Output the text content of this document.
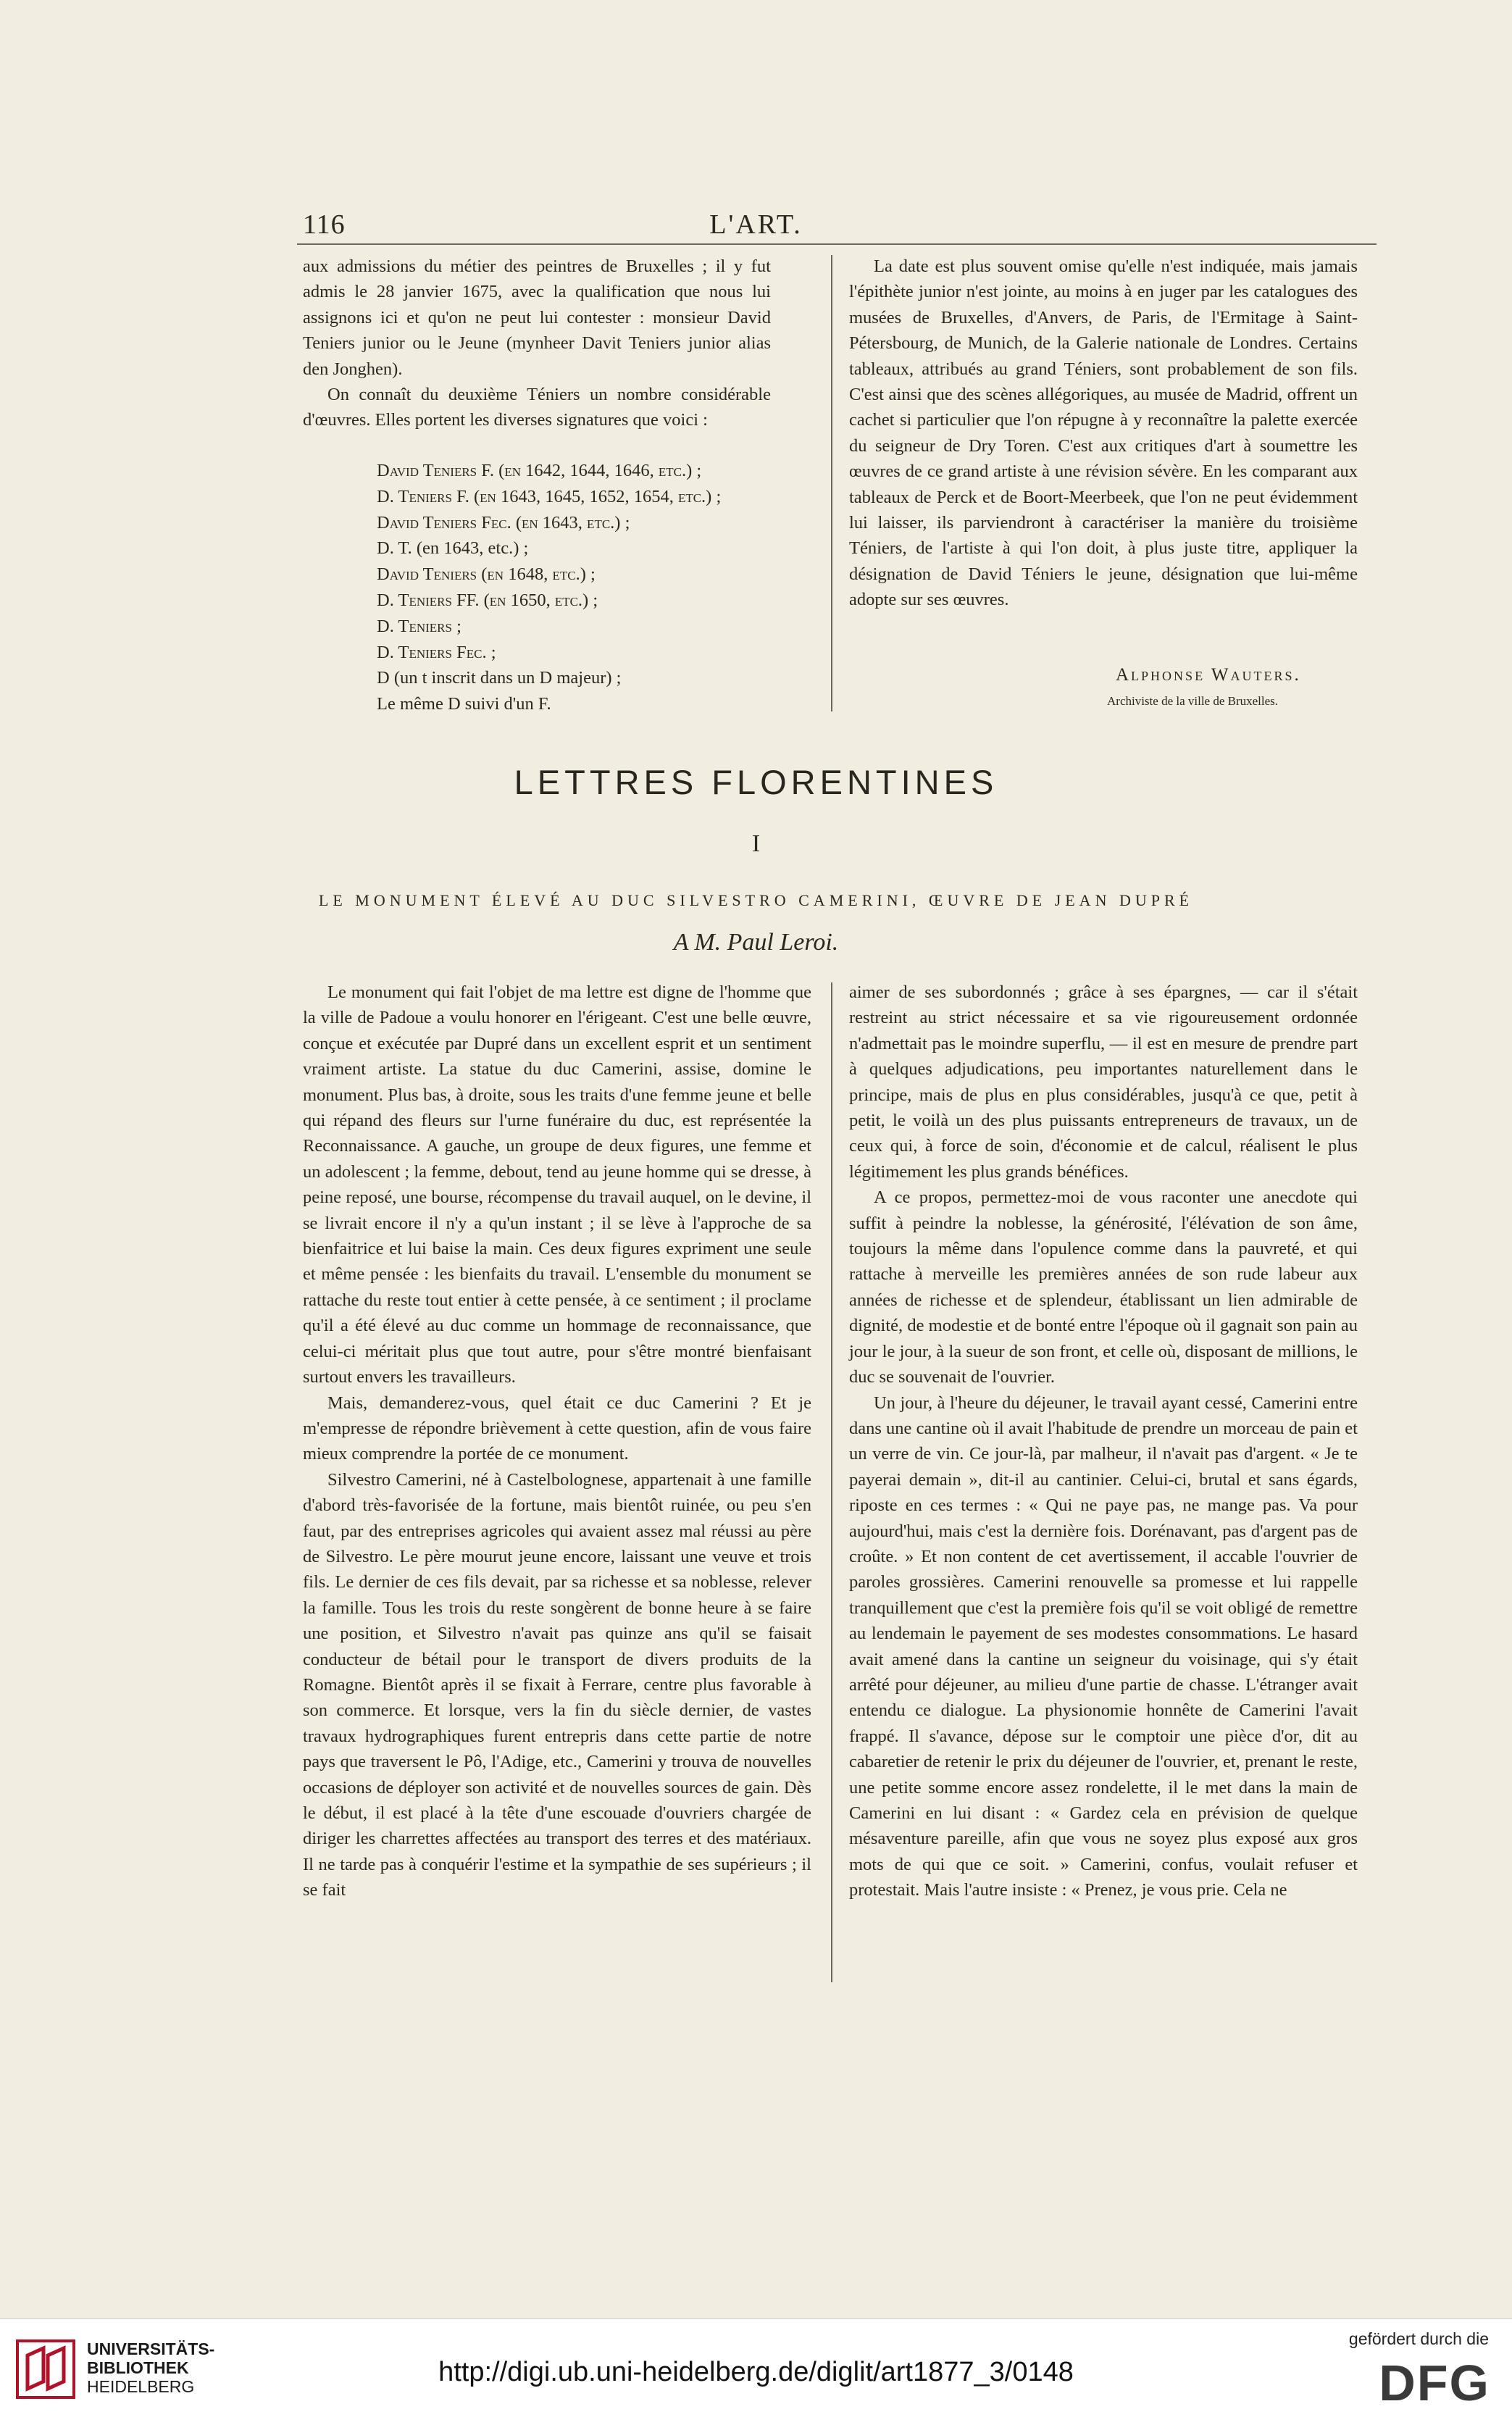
116	L'ART.

aux admissions du métier des peintres de Bruxelles ; il y fut admis le 28 janvier 1675, avec la qualification que nous lui assignons ici et qu'on ne peut lui contester : monsieur David Teniers junior ou le Jeune (mynheer Davit Teniers junior alias den Jonghen).

On connaît du deuxième Téniers un nombre considérable d'œuvres. Elles portent les diverses signatures que voici :

David Teniers F. (en 1642, 1644, 1646, etc.) ;
D. Teniers F. (en 1643, 1645, 1652, 1654, etc.) ;
David Teniers Fec. (en 1643, etc.) ;
D. T. (en 1643, etc.) ;
David Teniers (en 1648, etc.) ;
D. Teniers FF. (en 1650, etc.) ;
D. Teniers ;
D. Teniers Fec. ;
D (un t inscrit dans un D majeur) ;
Le même D suivi d'un F.

La date est plus souvent omise qu'elle n'est indiquée, mais jamais l'épithète junior n'est jointe, au moins à en juger par les catalogues des musées de Bruxelles, d'Anvers, de Paris, de l'Ermitage à Saint-Pétersbourg, de Munich, de la Galerie nationale de Londres. Certains tableaux, attribués au grand Téniers, sont probablement de son fils. C'est ainsi que des scènes allégoriques, au musée de Madrid, offrent un cachet si particulier que l'on répugne à y reconnaître la palette exercée du seigneur de Dry Toren. C'est aux critiques d'art à soumettre les œuvres de ce grand artiste à une révision sévère. En les comparant aux tableaux de Perck et de Boort-Meerbeek, que l'on ne peut évidemment lui laisser, ils parviendront à caractériser la manière du troisième Téniers, de l'artiste à qui l'on doit, à plus juste titre, appliquer la désignation de David Téniers le jeune, désignation que lui-même adopte sur ses œuvres.

Alphonse Wauters.
Archiviste de la ville de Bruxelles.
LETTRES FLORENTINES
I
LE MONUMENT ÉLEVÉ AU DUC SILVESTRO CAMERINI, ŒUVRE DE JEAN DUPRÉ
A M. Paul Leroi.

Le monument qui fait l'objet de ma lettre est digne de l'homme que la ville de Padoue a voulu honorer en l'érigeant. C'est une belle œuvre, conçue et exécutée par Dupré dans un excellent esprit et un sentiment vraiment artiste. La statue du duc Camerini, assise, domine le monument. Plus bas, à droite, sous les traits d'une femme jeune et belle qui répand des fleurs sur l'urne funéraire du duc, est représentée la Reconnaissance. A gauche, un groupe de deux figures, une femme et un adolescent ; la femme, debout, tend au jeune homme qui se dresse, à peine reposé, une bourse, récompense du travail auquel, on le devine, il se livrait encore il n'y a qu'un instant ; il se lève à l'approche de sa bienfaitrice et lui baise la main. Ces deux figures expriment une seule et même pensée : les bienfaits du travail. L'ensemble du monument se rattache du reste tout entier à cette pensée, à ce sentiment ; il proclame qu'il a été élevé au duc comme un hommage de reconnaissance, que celui-ci méritait plus que tout autre, pour s'être montré bienfaisant surtout envers les travailleurs.

Mais, demanderez-vous, quel était ce duc Camerini ? Et je m'empresse de répondre brièvement à cette question, afin de vous faire mieux comprendre la portée de ce monument.

Silvestro Camerini, né à Castelbolognese, appartenait à une famille d'abord très-favorisée de la fortune, mais bientôt ruinée, ou peu s'en faut, par des entreprises agricoles qui avaient assez mal réussi au père de Silvestro. Le père mourut jeune encore, laissant une veuve et trois fils. Le dernier de ces fils devait, par sa richesse et sa noblesse, relever la famille. Tous les trois du reste songèrent de bonne heure à se faire une position, et Silvestro n'avait pas quinze ans qu'il se faisait conducteur de bétail pour le transport de divers produits de la Romagne. Bientôt après il se fixait à Ferrare, centre plus favorable à son commerce. Et lorsque, vers la fin du siècle dernier, de vastes travaux hydrographiques furent entrepris dans cette partie de notre pays que traversent le Pô, l'Adige, etc., Camerini y trouva de nouvelles occasions de déployer son activité et de nouvelles sources de gain. Dès le début, il est placé à la tête d'une escouade d'ouvriers chargée de diriger les charrettes affectées au transport des terres et des matériaux. Il ne tarde pas à conquérir l'estime et la sympathie de ses supérieurs ; il se fait

aimer de ses subordonnés ; grâce à ses épargnes, — car il s'était restreint au strict nécessaire et sa vie rigoureusement ordonnée n'admettait pas le moindre superflu, — il est en mesure de prendre part à quelques adjudications, peu importantes naturellement dans le principe, mais de plus en plus considérables, jusqu'à ce que, petit à petit, le voilà un des plus puissants entrepreneurs de travaux, un de ceux qui, à force de soin, d'économie et de calcul, réalisent le plus légitimement les plus grands bénéfices.

A ce propos, permettez-moi de vous raconter une anecdote qui suffit à peindre la noblesse, la générosité, l'élévation de son âme, toujours la même dans l'opulence comme dans la pauvreté, et qui rattache à merveille les premières années de son rude labeur aux années de richesse et de splendeur, établissant un lien admirable de dignité, de modestie et de bonté entre l'époque où il gagnait son pain au jour le jour, à la sueur de son front, et celle où, disposant de millions, le duc se souvenait de l'ouvrier.

Un jour, à l'heure du déjeuner, le travail ayant cessé, Camerini entre dans une cantine où il avait l'habitude de prendre un morceau de pain et un verre de vin. Ce jour-là, par malheur, il n'avait pas d'argent. « Je te payerai demain », dit-il au cantinier. Celui-ci, brutal et sans égards, riposte en ces termes : « Qui ne paye pas, ne mange pas. Va pour aujourd'hui, mais c'est la dernière fois. Dorénavant, pas d'argent pas de croûte. » Et non content de cet avertissement, il accable l'ouvrier de paroles grossières. Camerini renouvelle sa promesse et lui rappelle tranquillement que c'est la première fois qu'il se voit obligé de remettre au lendemain le payement de ses modestes consommations. Le hasard avait amené dans la cantine un seigneur du voisinage, qui s'y était arrêté pour déjeuner, au milieu d'une partie de chasse. L'étranger avait entendu ce dialogue. La physionomie honnête de Camerini l'avait frappé. Il s'avance, dépose sur le comptoir une pièce d'or, dit au cabaretier de retenir le prix du déjeuner de l'ouvrier, et, prenant le reste, une petite somme encore assez rondelette, il le met dans la main de Camerini en lui disant : « Gardez cela en prévision de quelque mésaventure pareille, afin que vous ne soyez plus exposé aux gros mots de qui que ce soit. » Camerini, confus, voulait refuser et protestait. Mais l'autre insiste : « Prenez, je vous prie. Cela ne

UNIVERSITÄTS-
BIBLIOTHEK
HEIDELBERG	http://digi.ub.uni-heidelberg.de/diglit/art1877_3/0148
gefördert durch die
DFG
